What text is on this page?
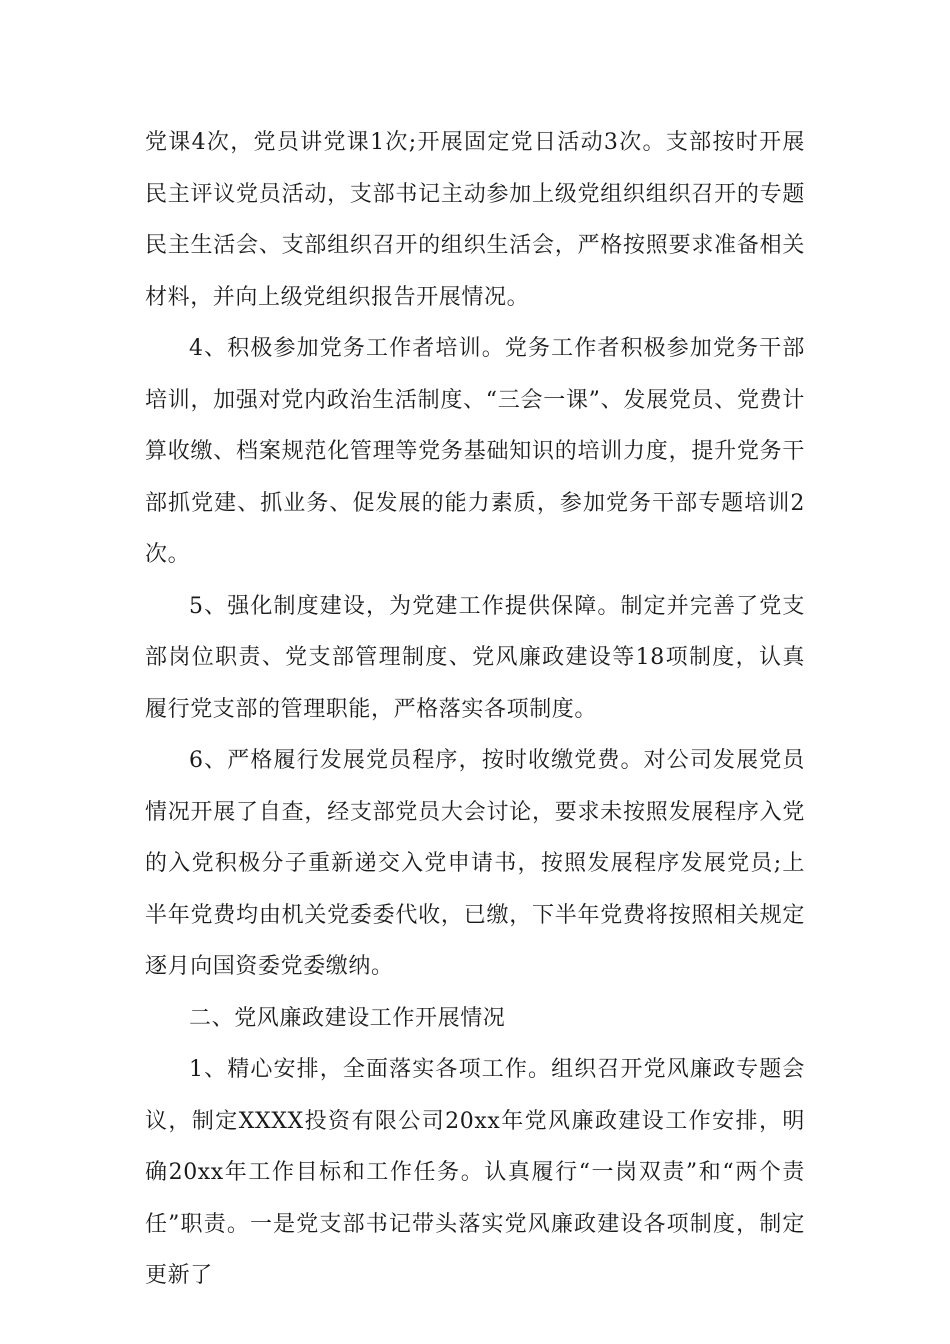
党课4次，党员讲党课1次;开展固定党日活动3次。支部按时开展民主评议党员活动，支部书记主动参加上级党组织组织召开的专题民主生活会、支部组织召开的组织生活会，严格按照要求准备相关材料，并向上级党组织报告开展情况。

4、积极参加党务工作者培训。党务工作者积极参加党务干部培训，加强对党内政治生活制度、“三会一课”、发展党员、党费计算收缴、档案规范化管理等党务基础知识的培训力度，提升党务干部抓党建、抓业务、促发展的能力素质，参加党务干部专题培训2次。

5、强化制度建设，为党建工作提供保障。制定并完善了党支部岗位职责、党支部管理制度、党风廉政建设等18项制度，认真履行党支部的管理职能，严格落实各项制度。

6、严格履行发展党员程序，按时收缴党费。对公司发展党员情况开展了自查，经支部党员大会讨论，要求未按照发展程序入党的入党积极分子重新递交入党申请书，按照发展程序发展党员;上半年党费均由机关党委委代收，已缴，下半年党费将按照相关规定逐月向国资委党委缴纳。

二、党风廉政建设工作开展情况

1、精心安排，全面落实各项工作。组织召开党风廉政专题会议，制定XXXX投资有限公司20xx年党风廉政建设工作安排，明确20xx年工作目标和工作任务。认真履行“一岗双责”和“两个责任”职责。一是党支部书记带头落实党风廉政建设各项制度，制定更新了
